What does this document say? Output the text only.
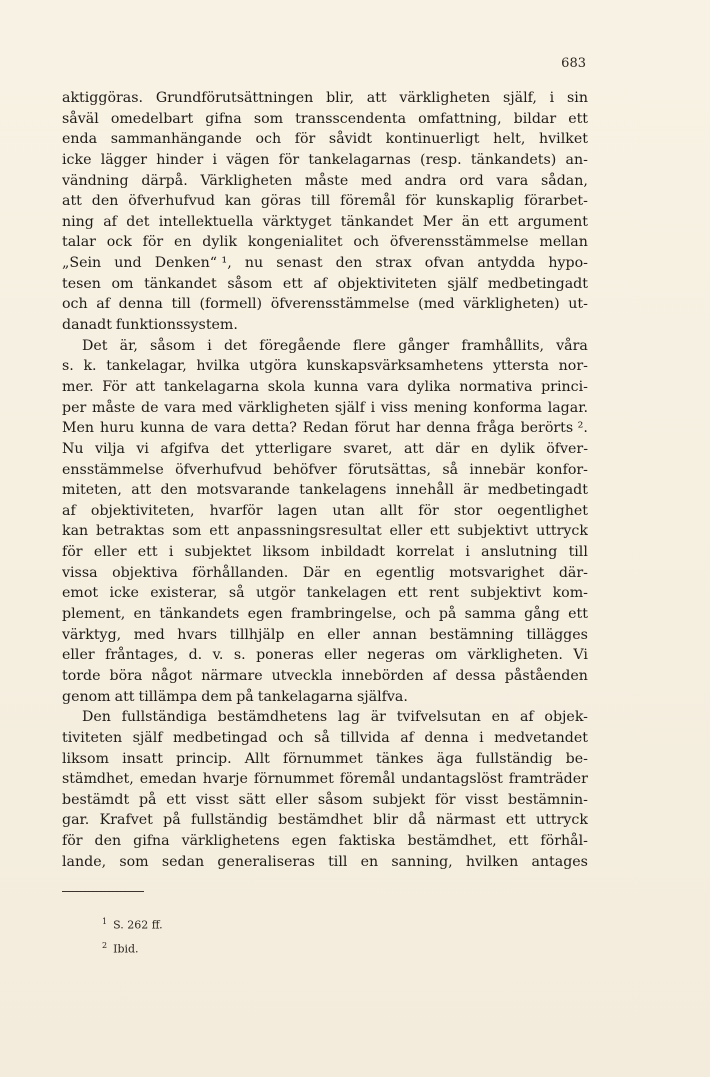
683
aktiggöras. Grundförutsättningen blir, att värkligheten själf, i sin
såväl omedelbart gifna som transscendenta omfattning, bildar ett
enda sammanhängande och för såvidt kontinuerligt helt, hvilket
icke lägger hinder i vägen för tankelagarnas (resp. tänkandets) an-
vändning därpå. Värkligheten måste med andra ord vara sådan,
att den öfverhufvud kan göras till föremål för kunskaplig förarbet-
ning af det intellektuella värktyget tänkandet Mer än ett argument
talar ock för en dylik kongenialitet och öfverensstämmelse mellan
„Sein und Denken“ ¹, nu senast den strax ofvan antydda hypo-
tesen om tänkandet såsom ett af objektiviteten själf medbetingadt
och af denna till (formell) öfverensstämmelse (med värkligheten) ut-
danadt funktionssystem.
Det är, såsom i det föregående flere gånger framhållits, våra
s. k. tankelagar, hvilka utgöra kunskapsvärksamhetens yttersta nor-
mer. För att tankelagarna skola kunna vara dylika normativa princi-
per måste de vara med värkligheten själf i viss mening konforma lagar.
Men huru kunna de vara detta? Redan förut har denna fråga berörts ².
Nu vilja vi afgifva det ytterligare svaret, att där en dylik öfver-
ensstämmelse öfverhufvud behöfver förutsättas, så innebär konfor-
miteten, att den motsvarande tankelagens innehåll är medbetingadt
af objektiviteten, hvarför lagen utan allt för stor oegentlighet
kan betraktas som ett anpassningsresultat eller ett subjektivt uttryck
för eller ett i subjektet liksom inbildadt korrelat i anslutning till
vissa objektiva förhållanden. Där en egentlig motsvarighet där-
emot icke existerar, så utgör tankelagen ett rent subjektivt kom-
plement, en tänkandets egen frambringelse, och på samma gång ett
värktyg, med hvars tillhjälp en eller annan bestämning tillägges
eller fråntages, d. v. s. poneras eller negeras om värkligheten. Vi
torde böra något närmare utveckla innebörden af dessa påståenden
genom att tillämpa dem på tankelagarna själfva.
Den fullständiga bestämdhetens lag är tvifvelsutan en af objek-
tiviteten själf medbetingad och så tillvida af denna i medvetandet
liksom insatt princip. Allt förnummet tänkes äga fullständig be-
stämdhet, emedan hvarje förnummet föremål undantagslöst framträder
bestämdt på ett visst sätt eller såsom subjekt för visst bestämnin-
gar. Krafvet på fullständig bestämdhet blir då närmast ett uttryck
för den gifna värklighetens egen faktiska bestämdhet, ett förhål-
lande, som sedan generaliseras till en sanning, hvilken antages
$^1$ S. 262 ff.
$^2$ Ibid.
